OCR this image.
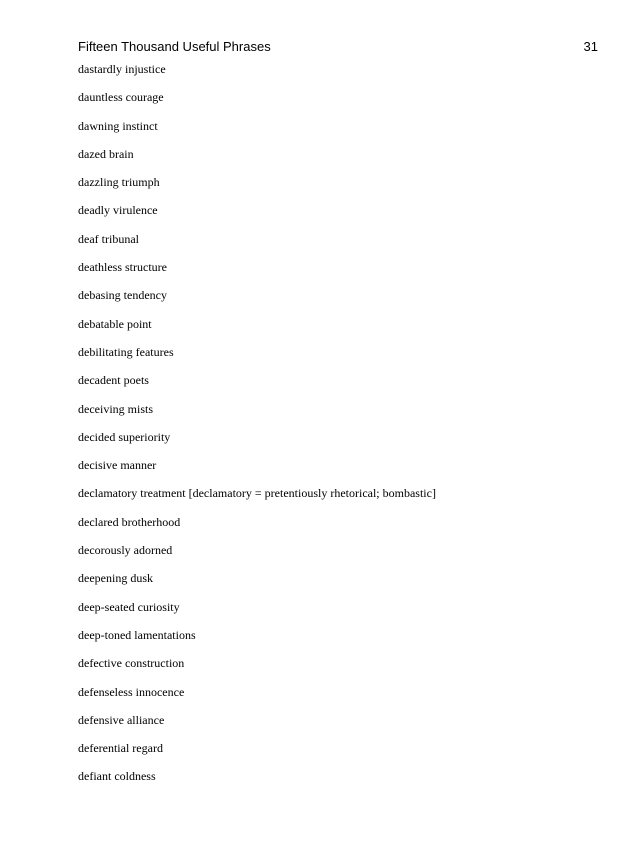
Fifteen Thousand Useful Phrases	31
dastardly injustice
dauntless courage
dawning instinct
dazed brain
dazzling triumph
deadly virulence
deaf tribunal
deathless structure
debasing tendency
debatable point
debilitating features
decadent poets
deceiving mists
decided superiority
decisive manner
declamatory treatment [declamatory = pretentiously rhetorical; bombastic]
declared brotherhood
decorously adorned
deepening dusk
deep-seated curiosity
deep-toned lamentations
defective construction
defenseless innocence
defensive alliance
deferential regard
defiant coldness
